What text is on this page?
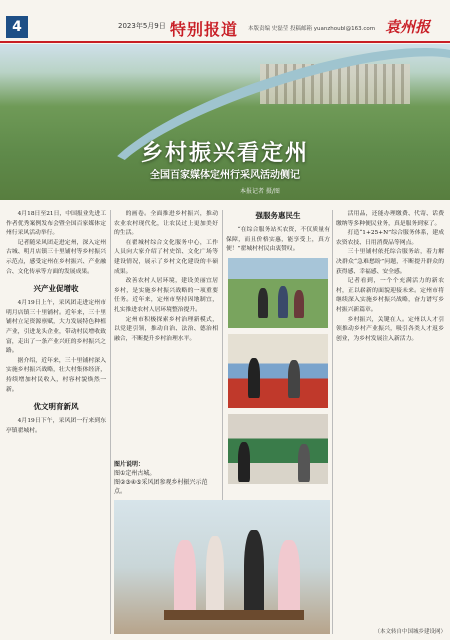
4	2023年5月9日 特别报道 本版责编 史磊莹 投稿邮箱 yuanzhoubl@163.com 袁州报
乡村振兴看定州
全国百家媒体定州行采风活动侧记
本报记者 摄/图

4月18日至21日，中国报业先进工作者优秀案例发布会暨全国百家媒体定州行采风活动举行。

记者随采风团走进定州，深入定州古城、明月店镇三十里铺村等乡村振兴示范点，感受定州在乡村振兴、产业融合、文化传承等方面的发展成果。

兴产业促增收

4月19日上午，采风团走进定州市明月店镇三十里铺村。近年来，三十里铺村立足资源禀赋，大力发展特色种植产业，引进龙头企业，带动村民增收致富，走出了一条产业兴旺的乡村振兴之路。

据介绍，近年来，三十里铺村深入实施乡村振兴战略，壮大村集体经济，持续增加村民收入，村容村貌焕然一新。

优文明育新风

4月19日下午，采风团一行来到东亭镇翟城村。

的画卷。全面推进乡村振兴，推动农业农村现代化，让农民过上更加美好的生活。

在翟城村综合文化服务中心，工作人员向大家介绍了村史馆、文化广场等建设情况，展示了乡村文化建设的丰硕成果。

改善农村人居环境，建设美丽宜居乡村，是实施乡村振兴战略的一项重要任务。近年来，定州市坚持因地制宜，扎实推进农村人居环境整治提升。

定州市积极探索乡村治理新模式，以党建引领，推动自治、法治、德治相融合，不断提升乡村治理水平。

图片说明：
图①定州古城。
图②③④⑤采风团参观乡村振兴示范点。
强服务惠民生

“在综合服务站买农资，不仅质量有保障，而且价格实惠，能享受上，真方便！”翟城村村民由衷赞叹。

活用品，还能办理缴费、代寄、话费缴纳等多种便民业务，真是服务到家了。

打造“1+25+N”综合服务体系，建成农资农技、日用消费品等网点。

三十里铺村依托综合服务站，着力解决群众“急难愁盼”问题，不断提升群众的获得感、幸福感、安全感。

记者看到，一个个充满活力的新农村，正以崭新的面貌迎接未来。定州市将继续深入实施乡村振兴战略，奋力谱写乡村振兴新篇章。

乡村振兴，关键在人。定州以人才引领推动乡村产业振兴，吸引各类人才返乡创业，为乡村发展注入新活力。

（本文转自中国城乡建设网）
